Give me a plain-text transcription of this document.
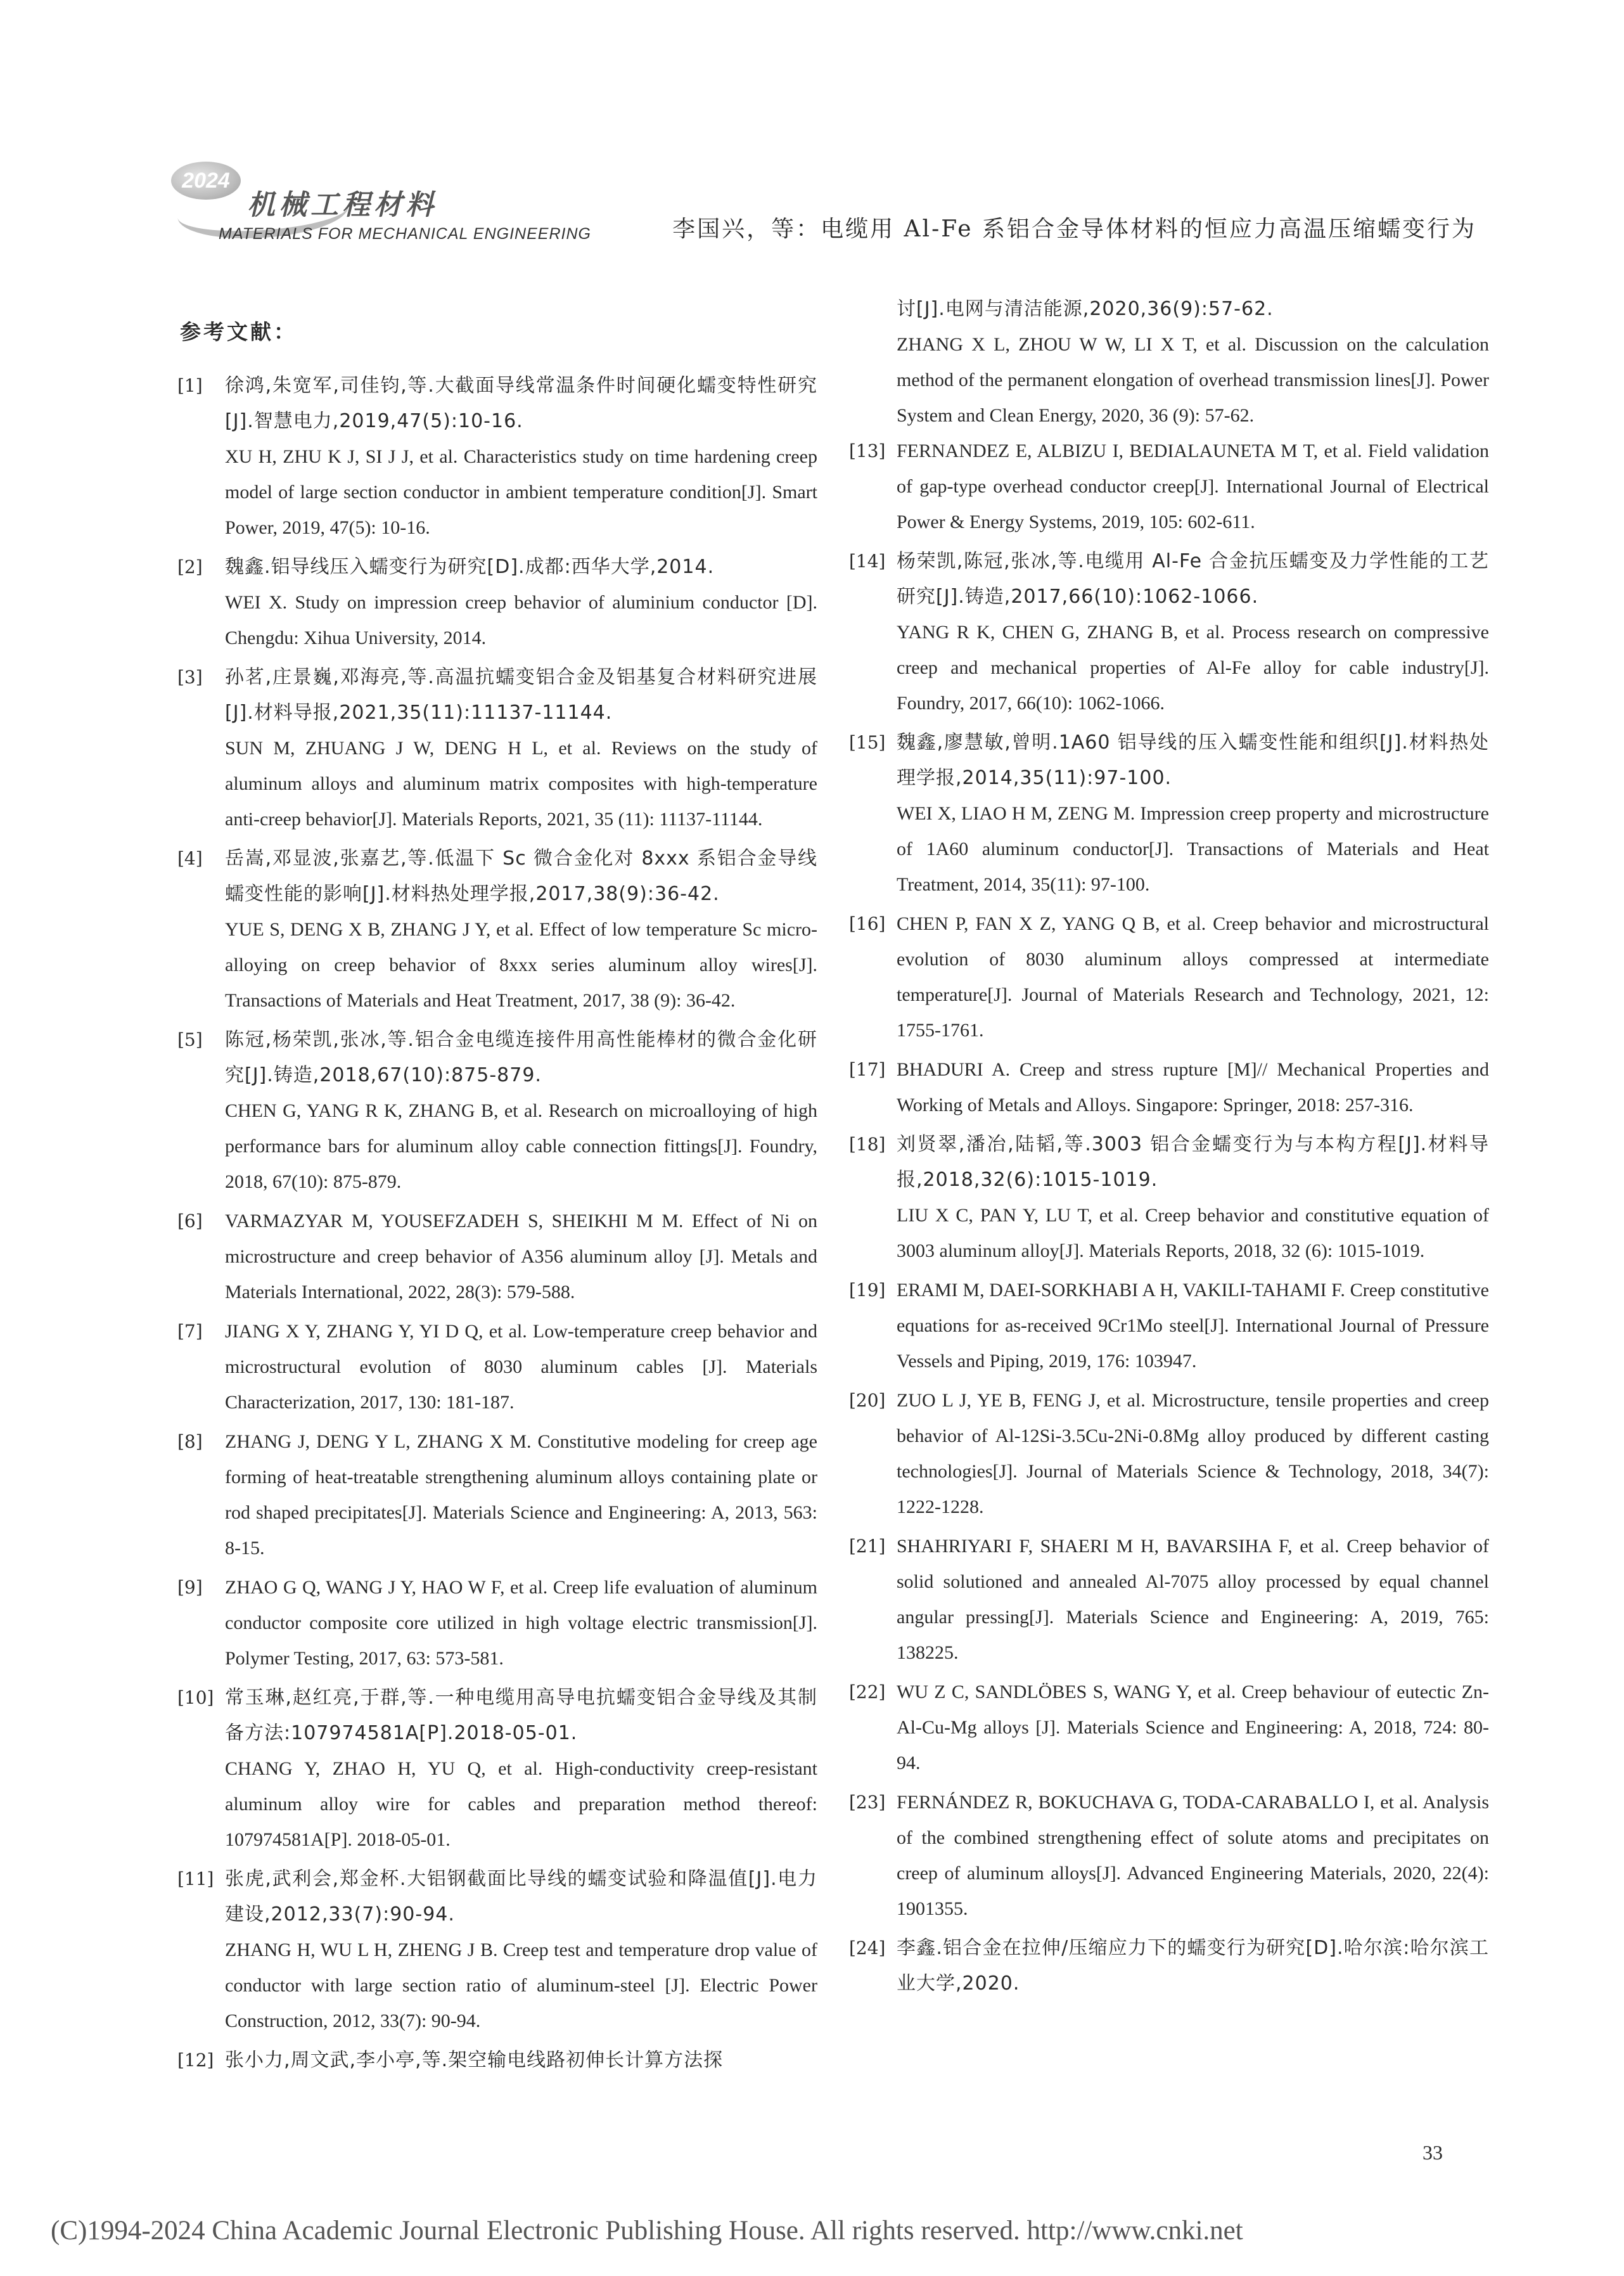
2024
机械工程材料
MATERIALS FOR MECHANICAL ENGINEERING	李国兴，等：电缆用 Al-Fe 系铝合金导体材料的恒应力高温压缩蠕变行为
参考文献：
[1]	徐鸿,朱宽军,司佳钧,等.大截面导线常温条件时间硬化蠕变特性研究[J].智慧电力,2019,47(5):10-16.
XU H, ZHU K J, SI J J, et al. Characteristics study on time hardening creep model of large section conductor in ambient temperature condition[J]. Smart Power, 2019, 47(5): 10-16.
[2]	魏鑫.铝导线压入蠕变行为研究[D].成都:西华大学,2014.
WEI X. Study on impression creep behavior of aluminium conductor [D]. Chengdu: Xihua University, 2014.
[3]	孙茗,庄景巍,邓海亮,等.高温抗蠕变铝合金及铝基复合材料研究进展[J].材料导报,2021,35(11):11137-11144.
SUN M, ZHUANG J W, DENG H L, et al. Reviews on the study of aluminum alloys and aluminum matrix composites with high-temperature anti-creep behavior[J]. Materials Reports, 2021, 35 (11): 11137-11144.
[4]	岳嵩,邓显波,张嘉艺,等.低温下 Sc 微合金化对 8xxx 系铝合金导线蠕变性能的影响[J].材料热处理学报,2017,38(9):36-42.
YUE S, DENG X B, ZHANG J Y, et al. Effect of low temperature Sc micro-alloying on creep behavior of 8xxx series aluminum alloy wires[J]. Transactions of Materials and Heat Treatment, 2017, 38 (9): 36-42.
[5]	陈冠,杨荣凯,张冰,等.铝合金电缆连接件用高性能棒材的微合金化研究[J].铸造,2018,67(10):875-879.
CHEN G, YANG R K, ZHANG B, et al. Research on microalloying of high performance bars for aluminum alloy cable connection fittings[J]. Foundry, 2018, 67(10): 875-879.
[6]	VARMAZYAR M, YOUSEFZADEH S, SHEIKHI M M. Effect of Ni on microstructure and creep behavior of A356 aluminum alloy [J]. Metals and Materials International, 2022, 28(3): 579-588.
[7]	JIANG X Y, ZHANG Y, YI D Q, et al. Low-temperature creep behavior and microstructural evolution of 8030 aluminum cables [J]. Materials Characterization, 2017, 130: 181-187.
[8]	ZHANG J, DENG Y L, ZHANG X M. Constitutive modeling for creep age forming of heat-treatable strengthening aluminum alloys containing plate or rod shaped precipitates[J]. Materials Science and Engineering: A, 2013, 563: 8-15.
[9]	ZHAO G Q, WANG J Y, HAO W F, et al. Creep life evaluation of aluminum conductor composite core utilized in high voltage electric transmission[J]. Polymer Testing, 2017, 63: 573-581.
[10] 常玉琳,赵红亮,于群,等.一种电缆用高导电抗蠕变铝合金导线及其制备方法:107974581A[P].2018-05-01.
CHANG Y, ZHAO H, YU Q, et al. High-conductivity creep-resistant aluminum alloy wire for cables and preparation method thereof: 107974581A[P]. 2018-05-01.
[11] 张虎,武利会,郑金杯.大铝钢截面比导线的蠕变试验和降温值[J].电力建设,2012,33(7):90-94.
ZHANG H, WU L H, ZHENG J B. Creep test and temperature drop value of conductor with large section ratio of aluminum-steel [J]. Electric Power Construction, 2012, 33(7): 90-94.
[12] 张小力,周文武,李小亭,等.架空输电线路初伸长计算方法探
讨[J].电网与清洁能源,2020,36(9):57-62.
ZHANG X L, ZHOU W W, LI X T, et al. Discussion on the calculation method of the permanent elongation of overhead transmission lines[J]. Power System and Clean Energy, 2020, 36 (9): 57-62.
[13] FERNANDEZ E, ALBIZU I, BEDIALAUNETA M T, et al. Field validation of gap-type overhead conductor creep[J]. International Journal of Electrical Power & Energy Systems, 2019, 105: 602-611.
[14] 杨荣凯,陈冠,张冰,等.电缆用 Al-Fe 合金抗压蠕变及力学性能的工艺研究[J].铸造,2017,66(10):1062-1066.
YANG R K, CHEN G, ZHANG B, et al. Process research on compressive creep and mechanical properties of Al-Fe alloy for cable industry[J]. Foundry, 2017, 66(10): 1062-1066.
[15] 魏鑫,廖慧敏,曾明.1A60 铝导线的压入蠕变性能和组织[J].材料热处理学报,2014,35(11):97-100.
WEI X, LIAO H M, ZENG M. Impression creep property and microstructure of 1A60 aluminum conductor[J]. Transactions of Materials and Heat Treatment, 2014, 35(11): 97-100.
[16] CHEN P, FAN X Z, YANG Q B, et al. Creep behavior and microstructural evolution of 8030 aluminum alloys compressed at intermediate temperature[J]. Journal of Materials Research and Technology, 2021, 12: 1755-1761.
[17] BHADURI A. Creep and stress rupture [M]// Mechanical Properties and Working of Metals and Alloys. Singapore: Springer, 2018: 257-316.
[18] 刘贤翠,潘冶,陆韬,等.3003 铝合金蠕变行为与本构方程[J].材料导报,2018,32(6):1015-1019.
LIU X C, PAN Y, LU T, et al. Creep behavior and constitutive equation of 3003 aluminum alloy[J]. Materials Reports, 2018, 32 (6): 1015-1019.
[19] ERAMI M, DAEI-SORKHABI A H, VAKILI-TAHAMI F. Creep constitutive equations for as-received 9Cr1Mo steel[J]. International Journal of Pressure Vessels and Piping, 2019, 176: 103947.
[20] ZUO L J, YE B, FENG J, et al. Microstructure, tensile properties and creep behavior of Al-12Si-3.5Cu-2Ni-0.8Mg alloy produced by different casting technologies[J]. Journal of Materials Science & Technology, 2018, 34(7): 1222-1228.
[21] SHAHRIYARI F, SHAERI M H, BAVARSIHA F, et al. Creep behavior of solid solutioned and annealed Al-7075 alloy processed by equal channel angular pressing[J]. Materials Science and Engineering: A, 2019, 765: 138225.
[22] WU Z C, SANDLÖBES S, WANG Y, et al. Creep behaviour of eutectic Zn-Al-Cu-Mg alloys [J]. Materials Science and Engineering: A, 2018, 724: 80-94.
[23] FERNÁNDEZ R, BOKUCHAVA G, TODA-CARABALLO I, et al. Analysis of the combined strengthening effect of solute atoms and precipitates on creep of aluminum alloys[J]. Advanced Engineering Materials, 2020, 22(4): 1901355.
[24] 李鑫.铝合金在拉伸/压缩应力下的蠕变行为研究[D].哈尔滨:哈尔滨工业大学,2020.
33
(C)1994-2024 China Academic Journal Electronic Publishing House. All rights reserved. http://www.cnki.net
